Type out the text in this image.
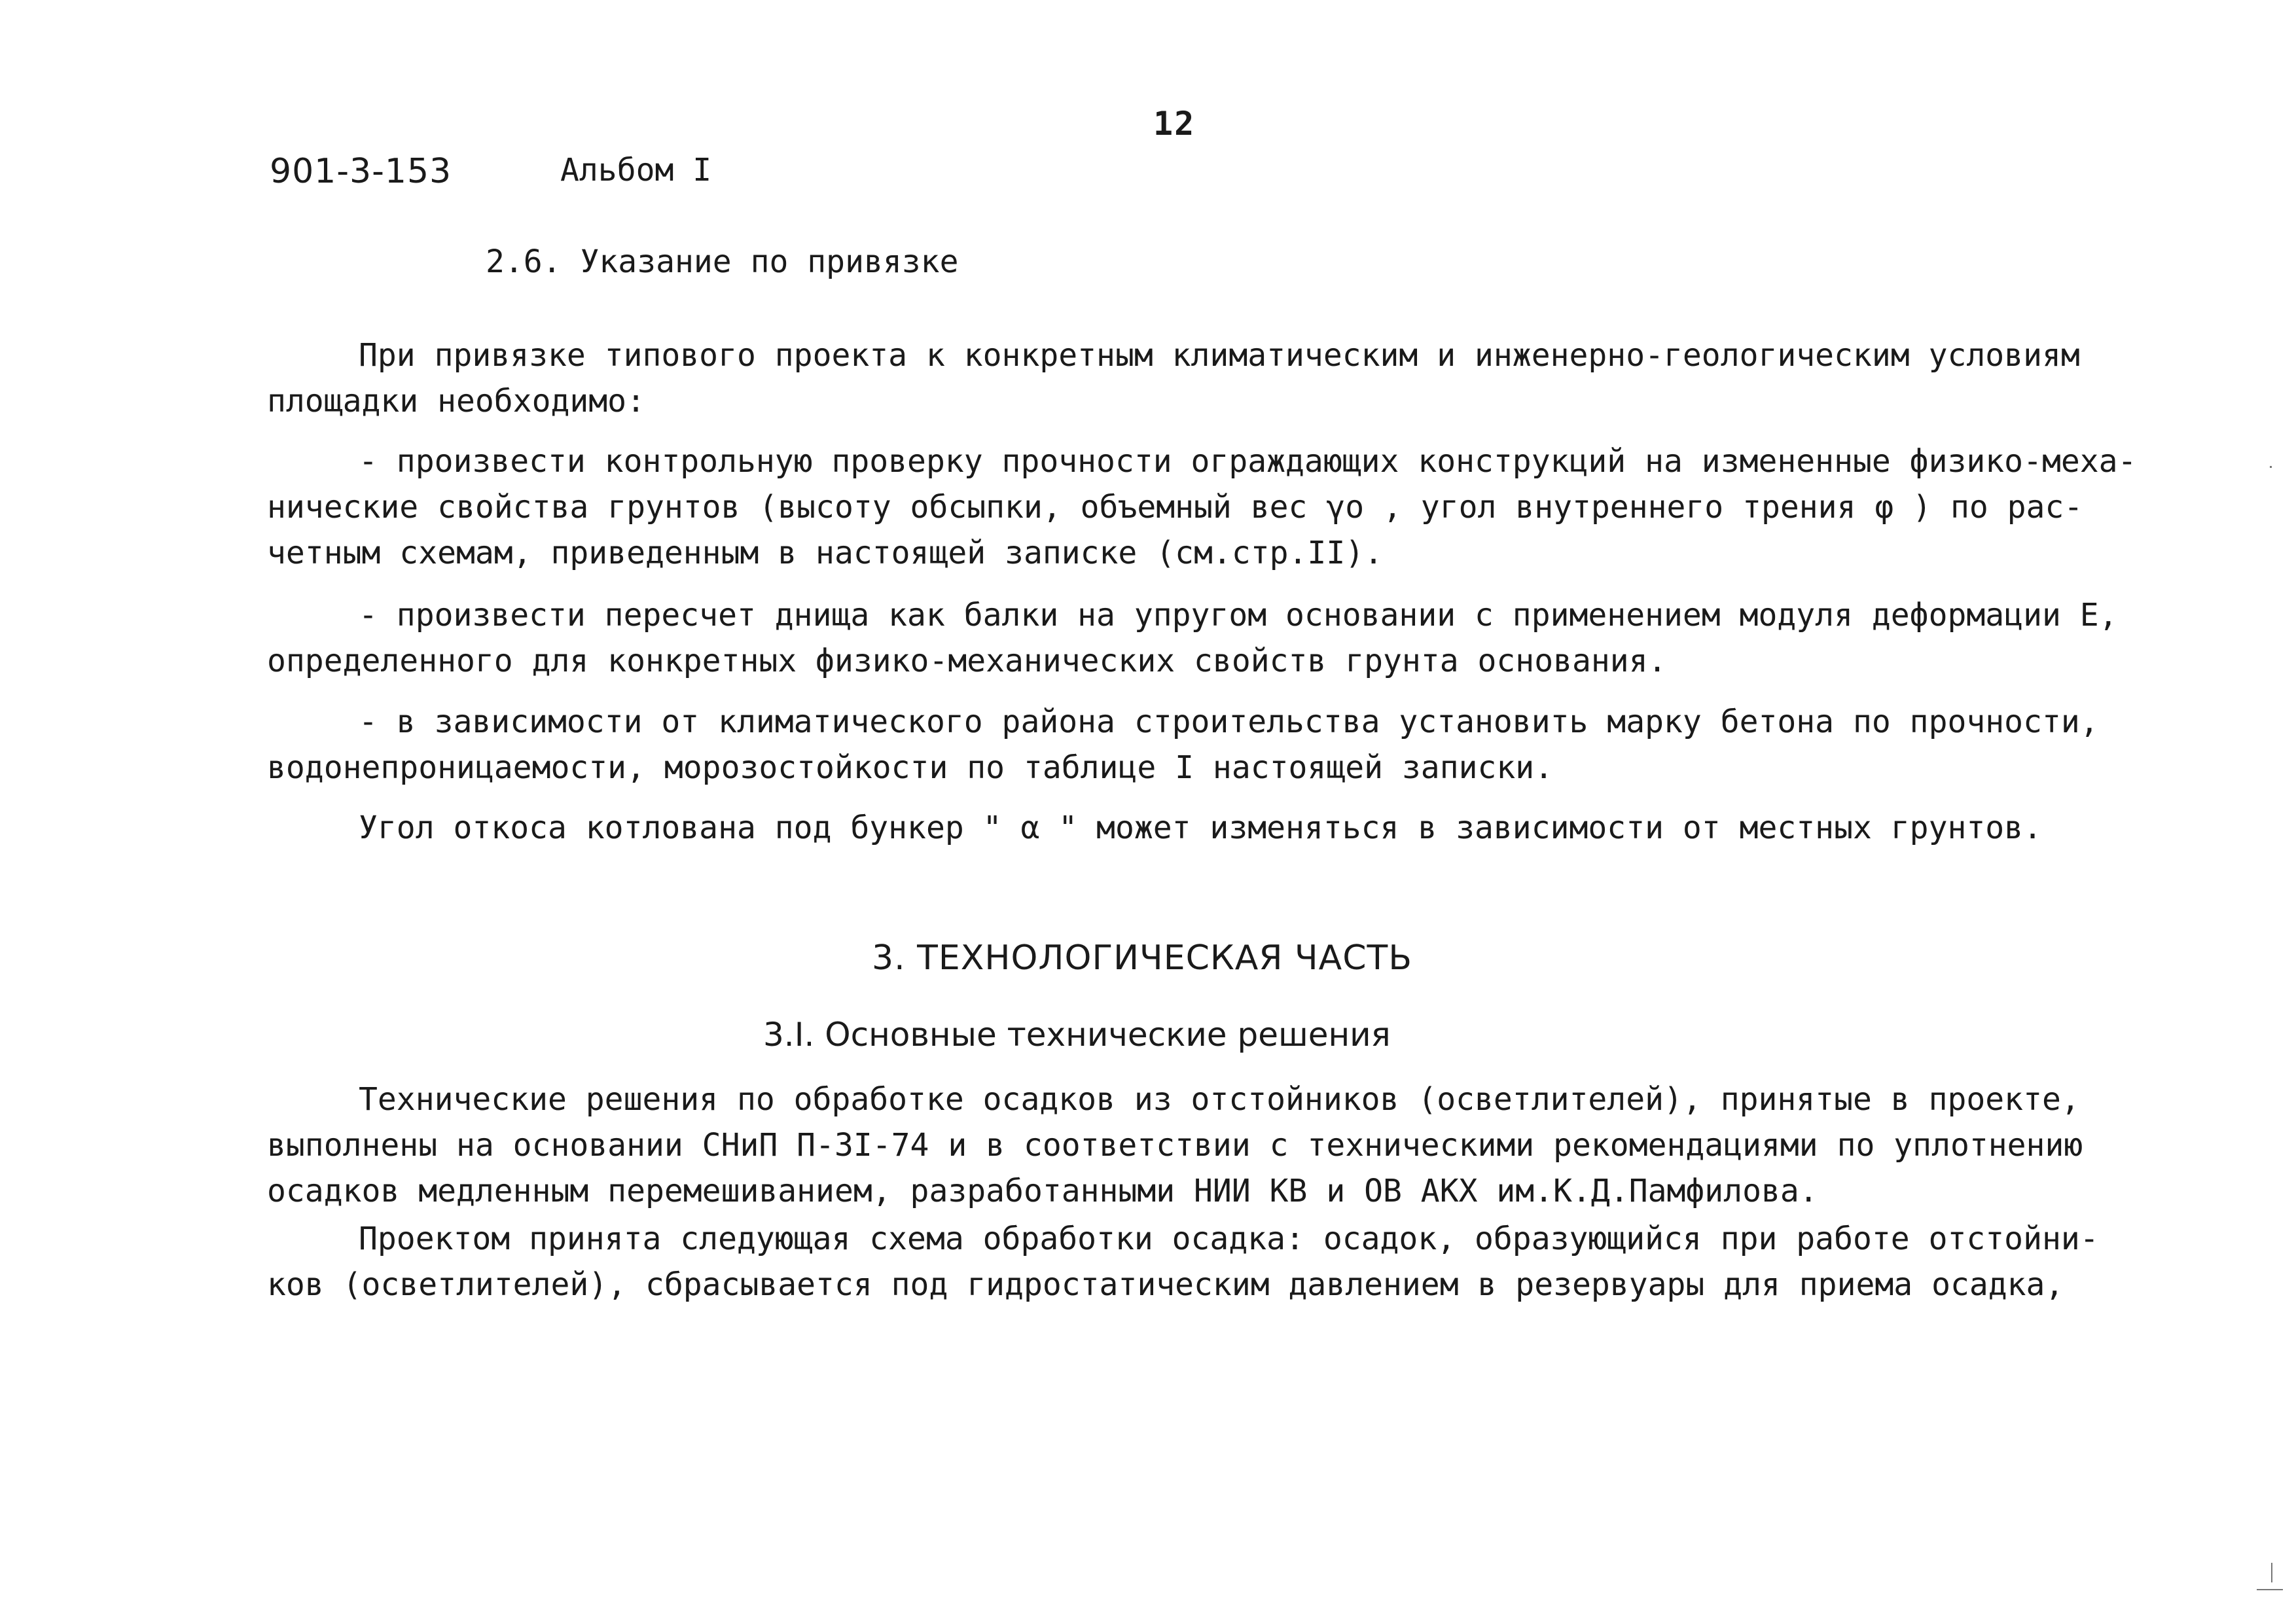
12
901-3-153	Альбом I
2.6. Указание по привязке
При привязке типового проекта к конкретным климатическим и инженерно-геологическим условиям
площадки необходимо:
- произвести контрольную проверку прочности ограждающих конструкций на измененные физико-меха-
нические свойства грунтов (высоту обсыпки, объемный вес γo , угол внутреннего трения φ ) по рас-
четным схемам, приведенным в настоящей записке (см.стр.II).
- произвести пересчет днища как балки на упругом основании с применением модуля деформации Е,
определенного для конкретных физико-механических свойств грунта основания.
- в зависимости от климатического района строительства установить марку бетона по прочности,
водонепроницаемости, морозостойкости по таблице I настоящей записки.
Угол откоса котлована под бункер " α " может изменяться в зависимости от местных грунтов.
3. ТЕХНОЛОГИЧЕСКАЯ ЧАСТЬ
3.I. Основные технические решения
Технические решения по обработке осадков из отстойников (осветлителей), принятые в проекте,
выполнены на основании СНиП П-3I-74 и в соответствии с техническими рекомендациями по уплотнению
осадков медленным перемешиванием, разработанными НИИ КВ и ОВ АКХ им.К.Д.Памфилова.
Проектом принята следующая схема обработки осадка: осадок, образующийся при работе отстойни-
ков (осветлителей), сбрасывается под гидростатическим давлением в резервуары для приема осадка,
